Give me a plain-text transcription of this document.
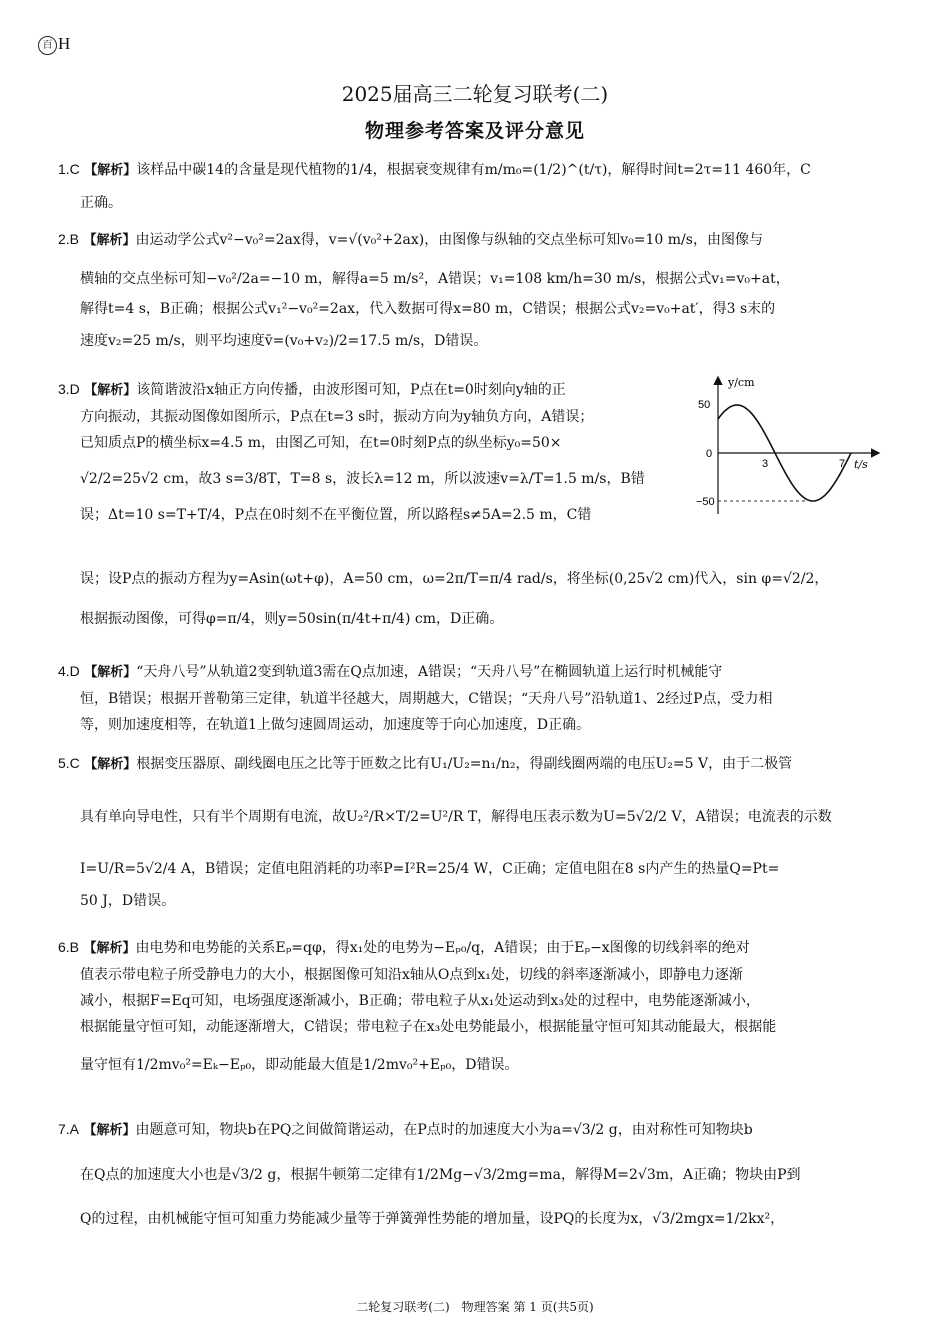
百 H
2025届高三二轮复习联考(二)
物理参考答案及评分意见

1.C 【解析】该样品中碳14的含量是现代植物的1/4，根据衰变规律有m/m₀=(1/2)^(t/τ)，解得时间t=2τ=11 460年，C

正确。

2.B 【解析】由运动学公式v²−v₀²=2ax得，v=√(v₀²+2ax)，由图像与纵轴的交点坐标可知v₀=10 m/s，由图像与

横轴的交点坐标可知−v₀²/2a=−10 m，解得a=5 m/s²，A错误；v₁=108 km/h=30 m/s，根据公式v₁=v₀+at，

解得t=4 s，B正确；根据公式v₁²−v₀²=2ax，代入数据可得x=80 m，C错误；根据公式v₂=v₀+at′，得3 s末的

速度v₂=25 m/s，则平均速度v̄=(v₀+v₂)/2=17.5 m/s，D错误。

3.D 【解析】该简谐波沿x轴正方向传播，由波形图可知，P点在t=0时刻向y轴的正

方向振动，其振动图像如图所示，P点在t=3 s时，振动方向为y轴负方向，A错误；

已知质点P的横坐标x=4.5 m，由图乙可知，在t=0时刻P点的纵坐标y₀=50×

√2/2=25√2 cm，故3 s=3/8T，T=8 s，波长λ=12 m，所以波速v=λ/T=1.5 m/s，B错

误；Δt=10 s=T+T/4，P点在0时刻不在平衡位置，所以路程s≠5A=2.5 m，C错

误；设P点的振动方程为y=Asin(ωt+φ)，A=50 cm，ω=2π/T=π/4 rad/s，将坐标(0,25√2 cm)代入，sin φ=√2/2，

根据振动图像，可得φ=π/4，则y=50sin(π/4t+π/4) cm，D正确。

y/cm
t/s
50
0
−50
3	7

4.D 【解析】“天舟八号”从轨道2变到轨道3需在Q点加速，A错误；“天舟八号”在椭圆轨道上运行时机械能守

恒，B错误；根据开普勒第三定律，轨道半径越大，周期越大，C错误；“天舟八号”沿轨道1、2经过P点，受力相

等，则加速度相等，在轨道1上做匀速圆周运动，加速度等于向心加速度，D正确。

5.C 【解析】根据变压器原、副线圈电压之比等于匝数之比有U₁/U₂=n₁/n₂，得副线圈两端的电压U₂=5 V，由于二极管

具有单向导电性，只有半个周期有电流，故U₂²/R×T/2=U²/R T，解得电压表示数为U=5√2/2 V，A错误；电流表的示数

I=U/R=5√2/4 A，B错误；定值电阻消耗的功率P=I²R=25/4 W，C正确；定值电阻在8 s内产生的热量Q=Pt=

50 J，D错误。

6.B 【解析】由电势和电势能的关系Eₚ=qφ，得x₁处的电势为−Eₚ₀/q，A错误；由于Eₚ−x图像的切线斜率的绝对

值表示带电粒子所受静电力的大小，根据图像可知沿x轴从O点到x₁处，切线的斜率逐渐减小，即静电力逐渐

减小，根据F=Eq可知，电场强度逐渐减小，B正确；带电粒子从x₁处运动到x₃处的过程中，电势能逐渐减小，

根据能量守恒可知，动能逐渐增大，C错误；带电粒子在x₃处电势能最小，根据能量守恒可知其动能最大，根据能

量守恒有1/2mv₀²=Eₖ−Eₚ₀，即动能最大值是1/2mv₀²+Eₚ₀，D错误。

7.A 【解析】由题意可知，物块b在PQ之间做简谐运动，在P点时的加速度大小为a=√3/2 g，由对称性可知物块b

在Q点的加速度大小也是√3/2 g，根据牛顿第二定律有1/2Mg−√3/2mg=ma，解得M=2√3m，A正确；物块由P到

Q的过程，由机械能守恒可知重力势能减少量等于弹簧弹性势能的增加量，设PQ的长度为x，√3/2mgx=1/2kx²，

二轮复习联考(二)　物理答案 第 1 页(共5页)
